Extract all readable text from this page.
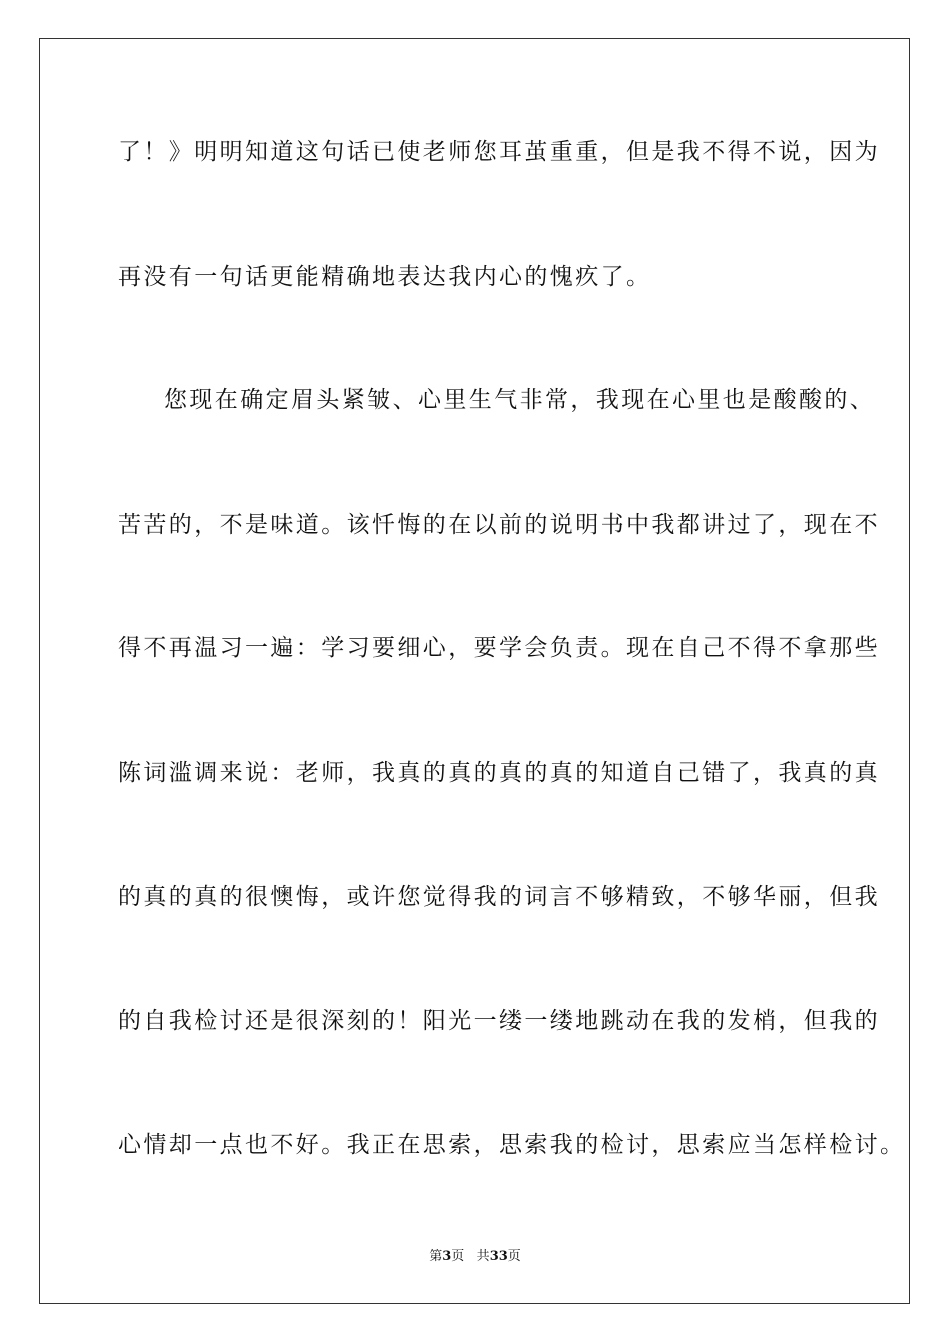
了！》明明知道这句话已使老师您耳茧重重，但是我不得不说，因为
再没有一句话更能精确地表达我内心的愧疚了。
您现在确定眉头紧皱、心里生气非常，我现在心里也是酸酸的、
苦苦的，不是味道。该忏悔的在以前的说明书中我都讲过了，现在不
得不再温习一遍：学习要细心，要学会负责。现在自己不得不拿那些
陈词滥调来说：老师，我真的真的真的真的知道自己错了，我真的真
的真的真的很懊悔，或许您觉得我的词言不够精致，不够华丽，但我
的自我检讨还是很深刻的！阳光一缕一缕地跳动在我的发梢，但我的
心情却一点也不好。我正在思索，思索我的检讨，思索应当怎样检讨。
第3页 共33页
